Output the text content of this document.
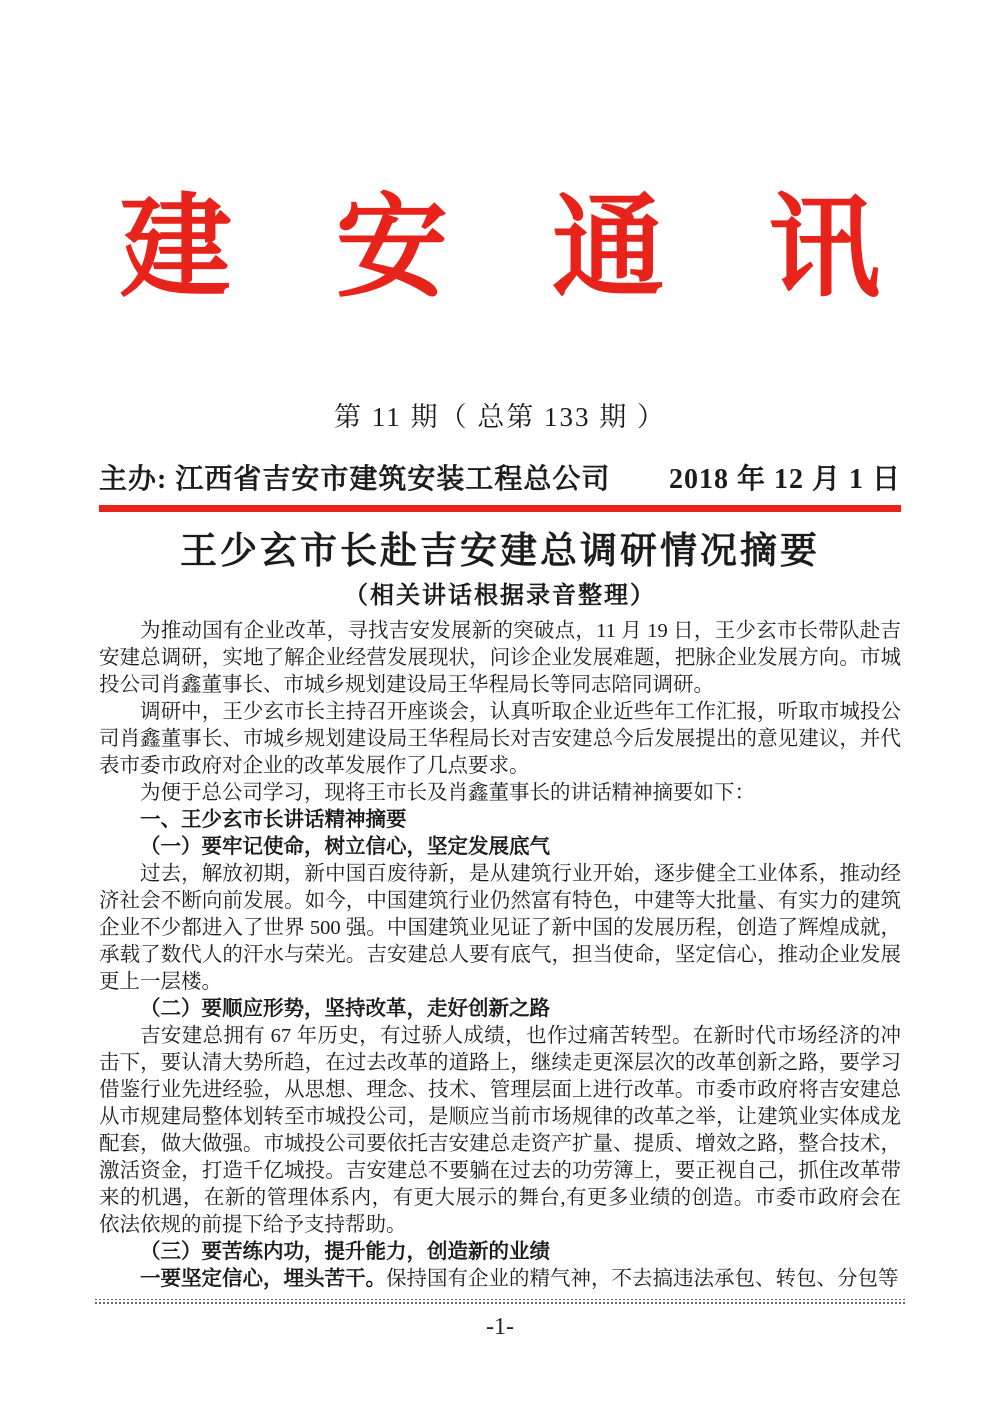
建 安 通 讯
第 11 期（ 总第 133 期 ）
主办: 江西省吉安市建筑安装工程总公司 2018 年 12 月 1 日
王少玄市长赴吉安建总调研情况摘要
（相关讲话根据录音整理）

为推动国有企业改革，寻找吉安发展新的突破点，11 月 19 日，王少玄市长带队赴吉安建总调研，实地了解企业经营发展现状，问诊企业发展难题，把脉企业发展方向。市城投公司肖鑫董事长、市城乡规划建设局王华程局长等同志陪同调研。

调研中，王少玄市长主持召开座谈会，认真听取企业近些年工作汇报，听取市城投公司肖鑫董事长、市城乡规划建设局王华程局长对吉安建总今后发展提出的意见建议，并代表市委市政府对企业的改革发展作了几点要求。

为便于总公司学习，现将王市长及肖鑫董事长的讲话精神摘要如下：

一、王少玄市长讲话精神摘要

（一）要牢记使命，树立信心，坚定发展底气

过去，解放初期，新中国百废待新，是从建筑行业开始，逐步健全工业体系，推动经济社会不断向前发展。如今，中国建筑行业仍然富有特色，中建等大批量、有实力的建筑企业不少都进入了世界 500 强。中国建筑业见证了新中国的发展历程，创造了辉煌成就，承载了数代人的汗水与荣光。吉安建总人要有底气，担当使命，坚定信心，推动企业发展更上一层楼。

（二）要顺应形势，坚持改革，走好创新之路

吉安建总拥有 67 年历史，有过骄人成绩，也作过痛苦转型。在新时代市场经济的冲击下，要认清大势所趋，在过去改革的道路上，继续走更深层次的改革创新之路，要学习借鉴行业先进经验，从思想、理念、技术、管理层面上进行改革。市委市政府将吉安建总从市规建局整体划转至市城投公司，是顺应当前市场规律的改革之举，让建筑业实体成龙配套，做大做强。市城投公司要依托吉安建总走资产扩量、提质、增效之路，整合技术，激活资金，打造千亿城投。吉安建总不要躺在过去的功劳簿上，要正视自己，抓住改革带来的机遇，在新的管理体系内，有更大展示的舞台,有更多业绩的创造。市委市政府会在依法依规的前提下给予支持帮助。

（三）要苦练内功，提升能力，创造新的业绩

一要坚定信心，埋头苦干。保持国有企业的精气神，不去搞违法承包、转包、分包等

-1-
